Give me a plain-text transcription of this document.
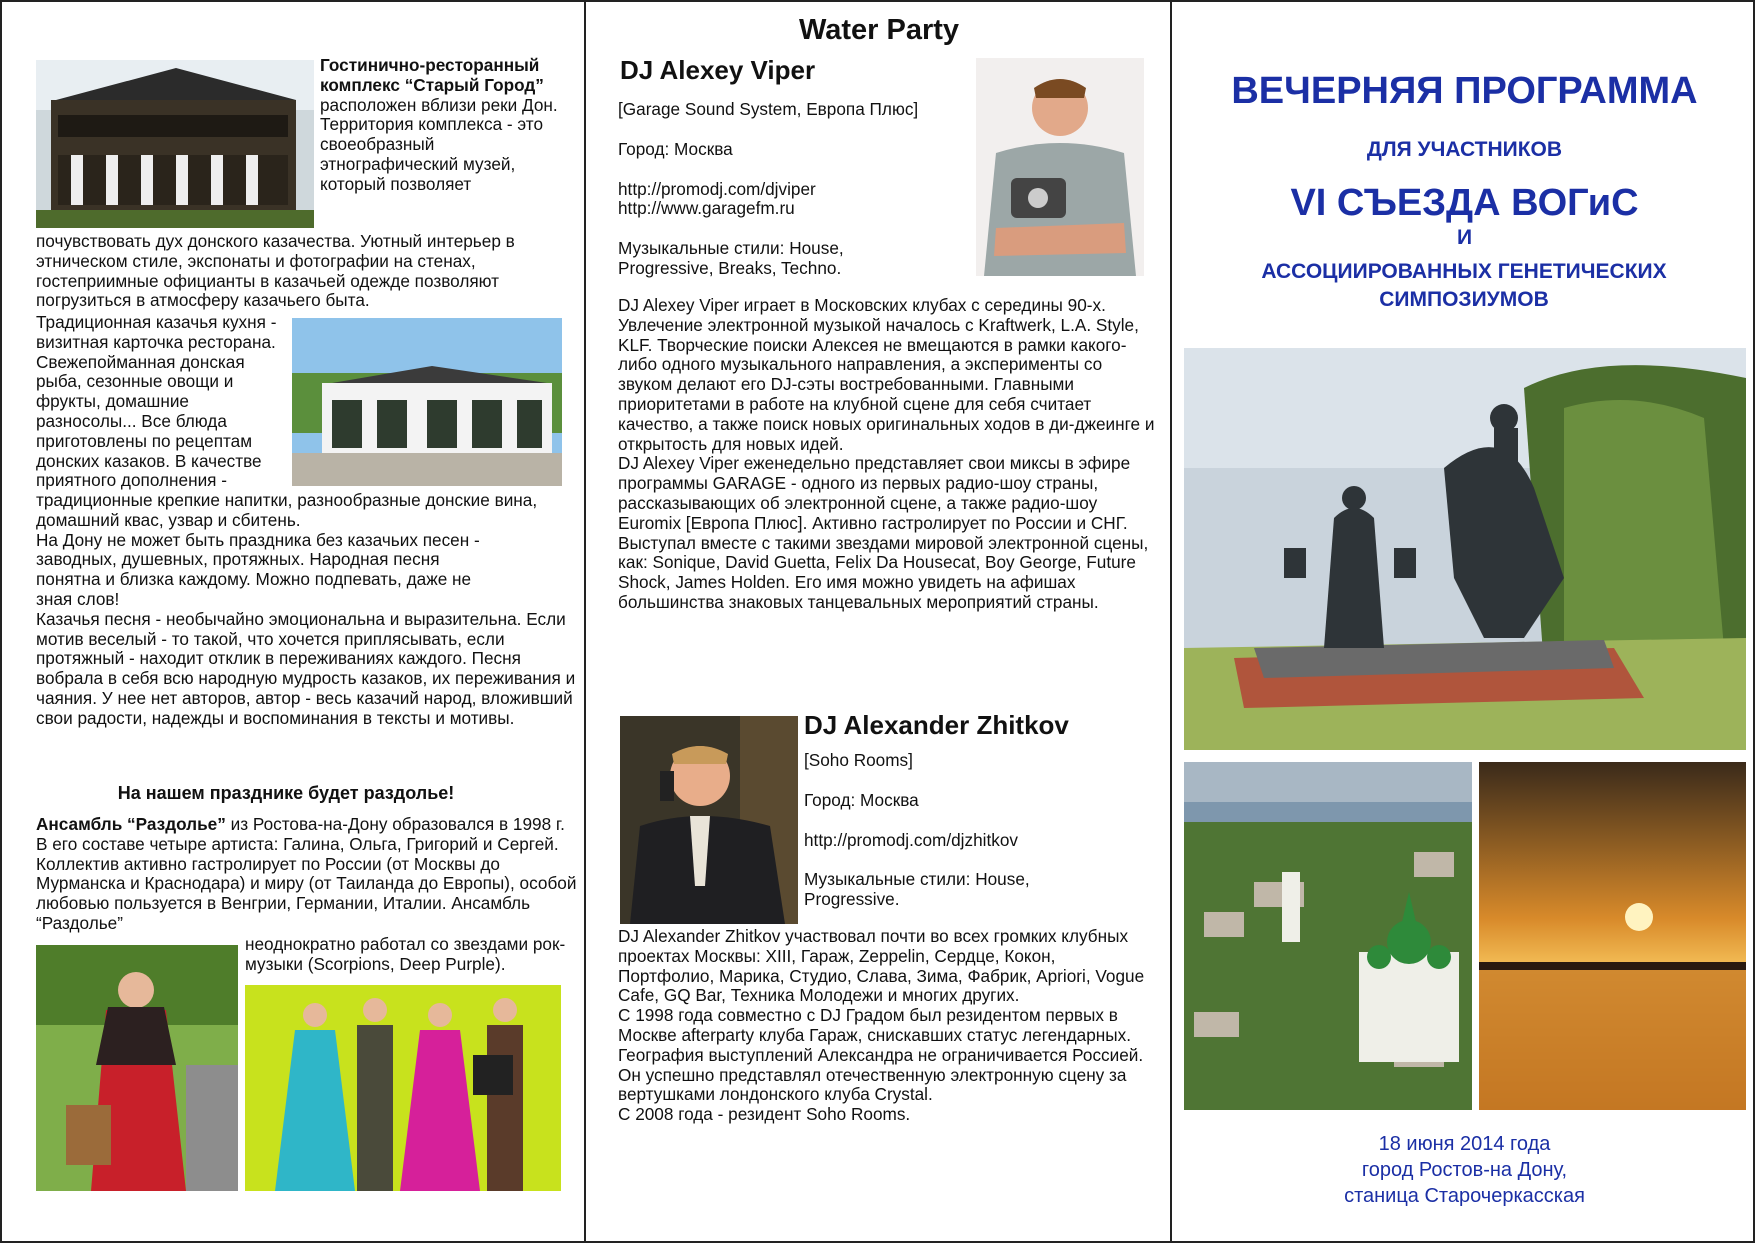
Гостинично-ресторанный комплекс “Старый Город”
расположен вблизи реки Дон. Территория комплекса - это своеобразный этнографический музей, который позволяет

почувствовать дух донского казачества. Уютный интерьер в этническом стиле, экспонаты и фотографии на стенах, гостеприимные официанты в казачьей одежде позволяют погрузиться в атмосферу казачьего быта.

Традиционная казачья кухня - визитная карточка ресторана. Свежепойманная донская рыба, сезонные овощи и фрукты, домашние разносолы... Все блюда приготовлены по рецептам донских казаков. В качестве приятного дополнения -

традиционные крепкие напитки, разнообразные донские вина, домашний квас, узвар и сбитень.

На Дону не может быть праздника без казачьих песен - заводных, душевных, протяжных. Народная песня понятна и близка каждому. Можно подпевать, даже не зная слов!

Казачья песня - необычайно эмоциональна и выразительна. Если мотив веселый - то такой, что хочется приплясывать, если протяжный - находит отклик в переживаниях каждого. Песня вобрала в себя всю народную мудрость казаков, их переживания и чаяния. У нее нет авторов, автор - весь казачий народ, вложивший свои радости, надежды и воспоминания в тексты и мотивы.

На нашем празднике будет раздолье!

Ансамбль “Раздолье” из Ростова-на-Дону образовался в 1998 г. В его составе четыре артиста: Галина, Ольга, Григорий и Сергей. Коллектив активно гастролирует по России (от Москвы до Мурманска и Краснодара) и миру (от Таиланда до Европы), особой любовью пользуется в Венгрии, Германии, Италии. Ансамбль “Раздолье”

неоднократно работал со звездами рок-музыки (Scorpions, Deep Purple).

Water Party
DJ Alexey Viper

[Garage Sound System, Европа Плюс]

Город: Москва

http://promodj.com/djviper

http://www.garagefm.ru

Музыкальные стили: House, Progressive, Breaks, Techno.

DJ Alexey Viper играет в Московских клубах с середины 90-х. Увлечение электронной музыкой началось с Kraftwerk, L.A. Style, KLF. Творческие поиски Алексея не вмещаются в рамки какого-либо одного музыкального направления, а эксперименты со звуком делают его DJ-сэты востребованными. Главными приоритетами в работе на клубной сцене для себя считает качество, а также поиск новых оригинальных ходов в ди-джеинге и открытость для новых идей.

DJ Alexey Viper еженедельно представляет свои миксы в эфире программы GARAGE - одного из первых радио-шоу страны, рассказывающих об электронной сцене, а также радио-шоу Euromix [Европа Плюс]. Активно гастролирует по России и СНГ. Выступал вместе с такими звездами мировой электронной сцены, как: Sonique, David Guetta, Felix Da Housecat, Boy George, Future Shock, James Holden. Его имя можно увидеть на афишах большинства знаковых танцевальных мероприятий страны.

DJ Alexander Zhitkov

[Soho Rooms]

Город: Москва

http://promodj.com/djzhitkov

Музыкальные стили: House, Progressive.

DJ Alexander Zhitkov участвовал почти во всех громких клубных проектах Москвы: XIII, Гараж, Zeppelin, Сердце, Кокон, Портфолио, Марика, Студио, Слава, Зима, Фабрик, Apriori, Vogue Cafe, GQ Bar, Техника Молодежи и многих других.

С 1998 года совместно с DJ Градом был резидентом первых в Москве afterparty клуба Гараж, снискавших статус легендарных.

География выступлений Александра не ограничивается Россией. Он успешно представлял отечественную электронную сцену за вертушками лондонского клуба Crystal.

С 2008 года - резидент Soho Rooms.

ВЕЧЕРНЯЯ ПРОГРАММА
ДЛЯ УЧАСТНИКОВ
VI СЪЕЗДА ВОГиС
И
АССОЦИИРОВАННЫХ ГЕНЕТИЧЕСКИХ СИМПОЗИУМОВ

18 июня 2014 года

город Ростов-на Дону,

станица Старочеркасская
